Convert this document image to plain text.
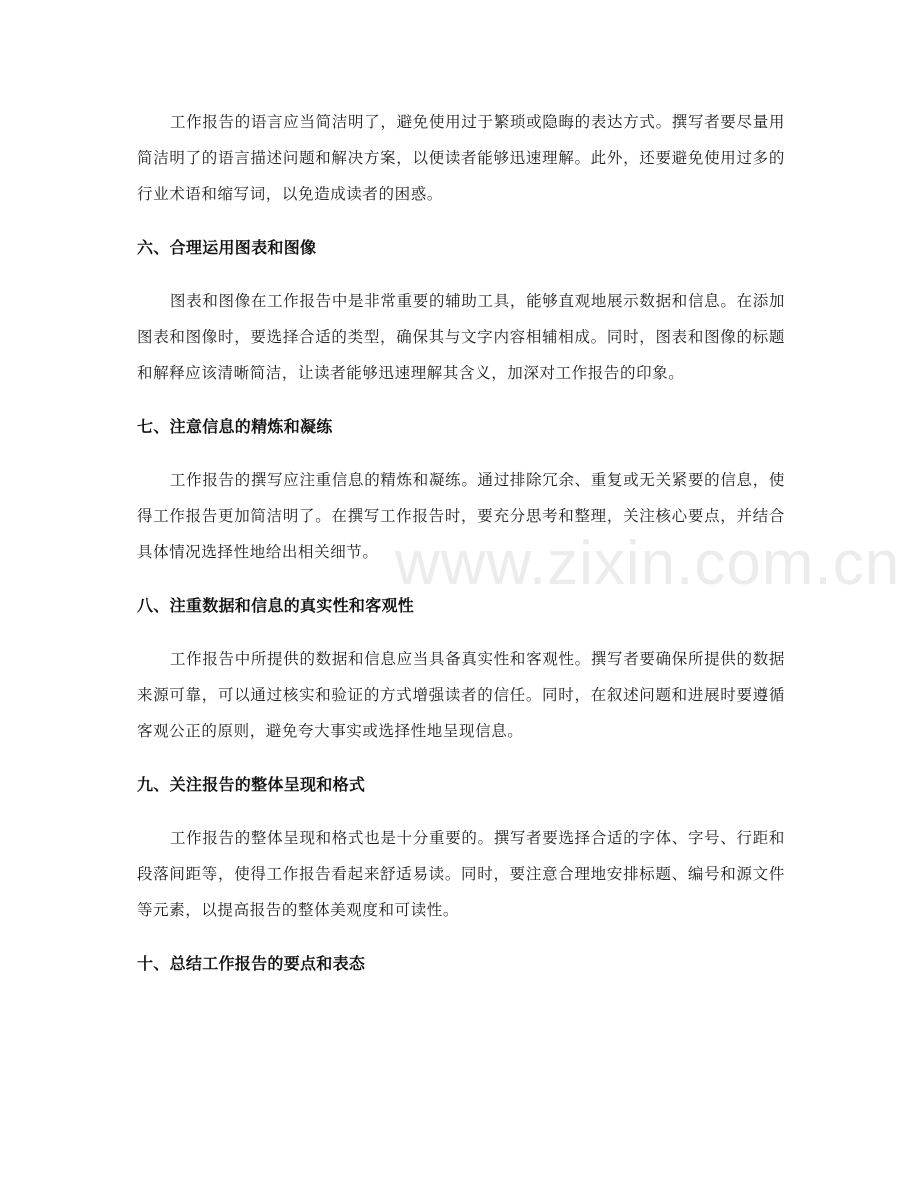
工作报告的语言应当简洁明了，避免使用过于繁琐或隐晦的表达方式。撰写者要尽量用简洁明了的语言描述问题和解决方案，以便读者能够迅速理解。此外，还要避免使用过多的行业术语和缩写词，以免造成读者的困惑。

六、合理运用图表和图像

图表和图像在工作报告中是非常重要的辅助工具，能够直观地展示数据和信息。在添加图表和图像时，要选择合适的类型，确保其与文字内容相辅相成。同时，图表和图像的标题和解释应该清晰简洁，让读者能够迅速理解其含义，加深对工作报告的印象。

七、注意信息的精炼和凝练

工作报告的撰写应注重信息的精炼和凝练。通过排除冗余、重复或无关紧要的信息，使得工作报告更加简洁明了。在撰写工作报告时，要充分思考和整理，关注核心要点，并结合具体情况选择性地给出相关细节。

八、注重数据和信息的真实性和客观性

工作报告中所提供的数据和信息应当具备真实性和客观性。撰写者要确保所提供的数据来源可靠，可以通过核实和验证的方式增强读者的信任。同时，在叙述问题和进展时要遵循客观公正的原则，避免夸大事实或选择性地呈现信息。

九、关注报告的整体呈现和格式

工作报告的整体呈现和格式也是十分重要的。撰写者要选择合适的字体、字号、行距和段落间距等，使得工作报告看起来舒适易读。同时，要注意合理地安排标题、编号和源文件等元素，以提高报告的整体美观度和可读性。

十、总结工作报告的要点和表态
www.zixin.com.cn
